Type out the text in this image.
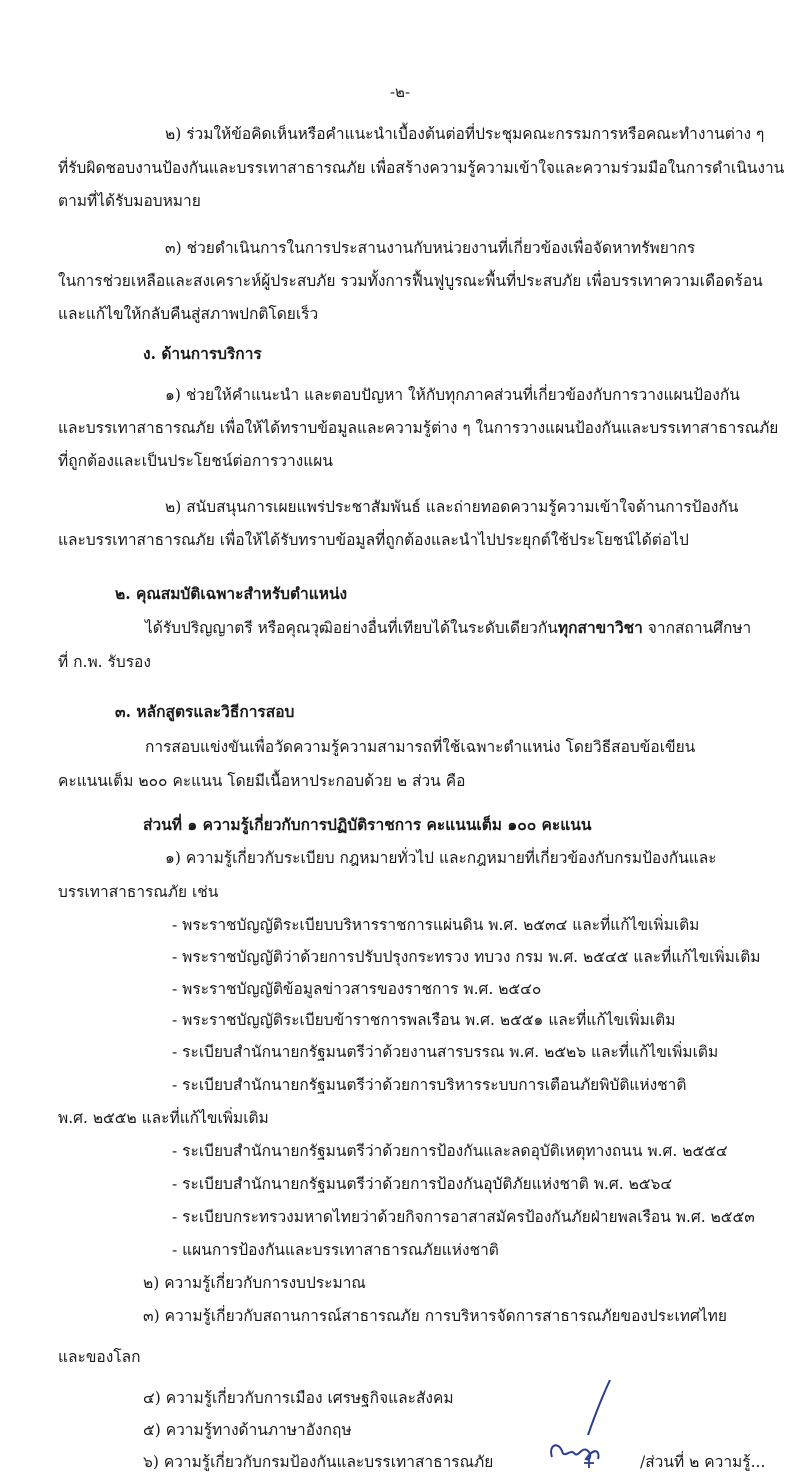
-๒-
๒) ร่วมให้ข้อคิดเห็นหรือคำแนะนำเบื้องต้นต่อที่ประชุมคณะกรรมการหรือคณะทำงานต่าง ๆ
ที่รับผิดชอบงานป้องกันและบรรเทาสาธารณภัย เพื่อสร้างความรู้ความเข้าใจและความร่วมมือในการดำเนินงาน
ตามที่ได้รับมอบหมาย
๓) ช่วยดำเนินการในการประสานงานกับหน่วยงานที่เกี่ยวข้องเพื่อจัดหาทรัพยากร
ในการช่วยเหลือและสงเคราะห์ผู้ประสบภัย รวมทั้งการฟื้นฟูบูรณะพื้นที่ประสบภัย เพื่อบรรเทาความเดือดร้อน
และแก้ไขให้กลับคืนสู่สภาพปกติโดยเร็ว
ง. ด้านการบริการ
๑) ช่วยให้คำแนะนำ และตอบปัญหา ให้กับทุกภาคส่วนที่เกี่ยวข้องกับการวางแผนป้องกัน
และบรรเทาสาธารณภัย เพื่อให้ได้ทราบข้อมูลและความรู้ต่าง ๆ ในการวางแผนป้องกันและบรรเทาสาธารณภัย
ที่ถูกต้องและเป็นประโยชน์ต่อการวางแผน
๒) สนับสนุนการเผยแพร่ประชาสัมพันธ์ และถ่ายทอดความรู้ความเข้าใจด้านการป้องกัน
และบรรเทาสาธารณภัย เพื่อให้ได้รับทราบข้อมูลที่ถูกต้องและนำไปประยุกต์ใช้ประโยชน์ได้ต่อไป
๒. คุณสมบัติเฉพาะสำหรับตำแหน่ง
ได้รับปริญญาตรี หรือคุณวุฒิอย่างอื่นที่เทียบได้ในระดับเดียวกันทุกสาขาวิชา จากสถานศึกษา
ที่ ก.พ. รับรอง
๓. หลักสูตรและวิธีการสอบ
การสอบแข่งขันเพื่อวัดความรู้ความสามารถที่ใช้เฉพาะตำแหน่ง โดยวิธีสอบข้อเขียน
คะแนนเต็ม ๒๐๐ คะแนน โดยมีเนื้อหาประกอบด้วย ๒ ส่วน คือ
ส่วนที่ ๑ ความรู้เกี่ยวกับการปฏิบัติราชการ คะแนนเต็ม ๑๐๐ คะแนน
๑) ความรู้เกี่ยวกับระเบียบ กฎหมายทั่วไป และกฎหมายที่เกี่ยวข้องกับกรมป้องกันและ
บรรเทาสาธารณภัย เช่น
- พระราชบัญญัติระเบียบบริหารราชการแผ่นดิน พ.ศ. ๒๕๓๔ และที่แก้ไขเพิ่มเติม
- พระราชบัญญัติว่าด้วยการปรับปรุงกระทรวง ทบวง กรม พ.ศ. ๒๕๔๕ และที่แก้ไขเพิ่มเติม
- พระราชบัญญัติข้อมูลข่าวสารของราชการ พ.ศ. ๒๕๔๐
- พระราชบัญญัติระเบียบข้าราชการพลเรือน พ.ศ. ๒๕๕๑ และที่แก้ไขเพิ่มเติม
- ระเบียบสำนักนายกรัฐมนตรีว่าด้วยงานสารบรรณ พ.ศ. ๒๕๒๖ และที่แก้ไขเพิ่มเติม
- ระเบียบสำนักนายกรัฐมนตรีว่าด้วยการบริหารระบบการเตือนภัยพิบัติแห่งชาติ
พ.ศ. ๒๕๕๒ และที่แก้ไขเพิ่มเติม
- ระเบียบสำนักนายกรัฐมนตรีว่าด้วยการป้องกันและลดอุบัติเหตุทางถนน พ.ศ. ๒๕๕๔
- ระเบียบสำนักนายกรัฐมนตรีว่าด้วยการป้องกันอุบัติภัยแห่งชาติ พ.ศ. ๒๕๖๔
- ระเบียบกระทรวงมหาดไทยว่าด้วยกิจการอาสาสมัครป้องกันภัยฝ่ายพลเรือน พ.ศ. ๒๕๕๓
- แผนการป้องกันและบรรเทาสาธารณภัยแห่งชาติ
๒) ความรู้เกี่ยวกับการงบประมาณ
๓) ความรู้เกี่ยวกับสถานการณ์สาธารณภัย การบริหารจัดการสาธารณภัยของประเทศไทย
และของโลก
๔) ความรู้เกี่ยวกับการเมือง เศรษฐกิจและสังคม
๕) ความรู้ทางด้านภาษาอังกฤษ
๖) ความรู้เกี่ยวกับกรมป้องกันและบรรเทาสาธารณภัย	/ส่วนที่ ๒ ความรู้...
